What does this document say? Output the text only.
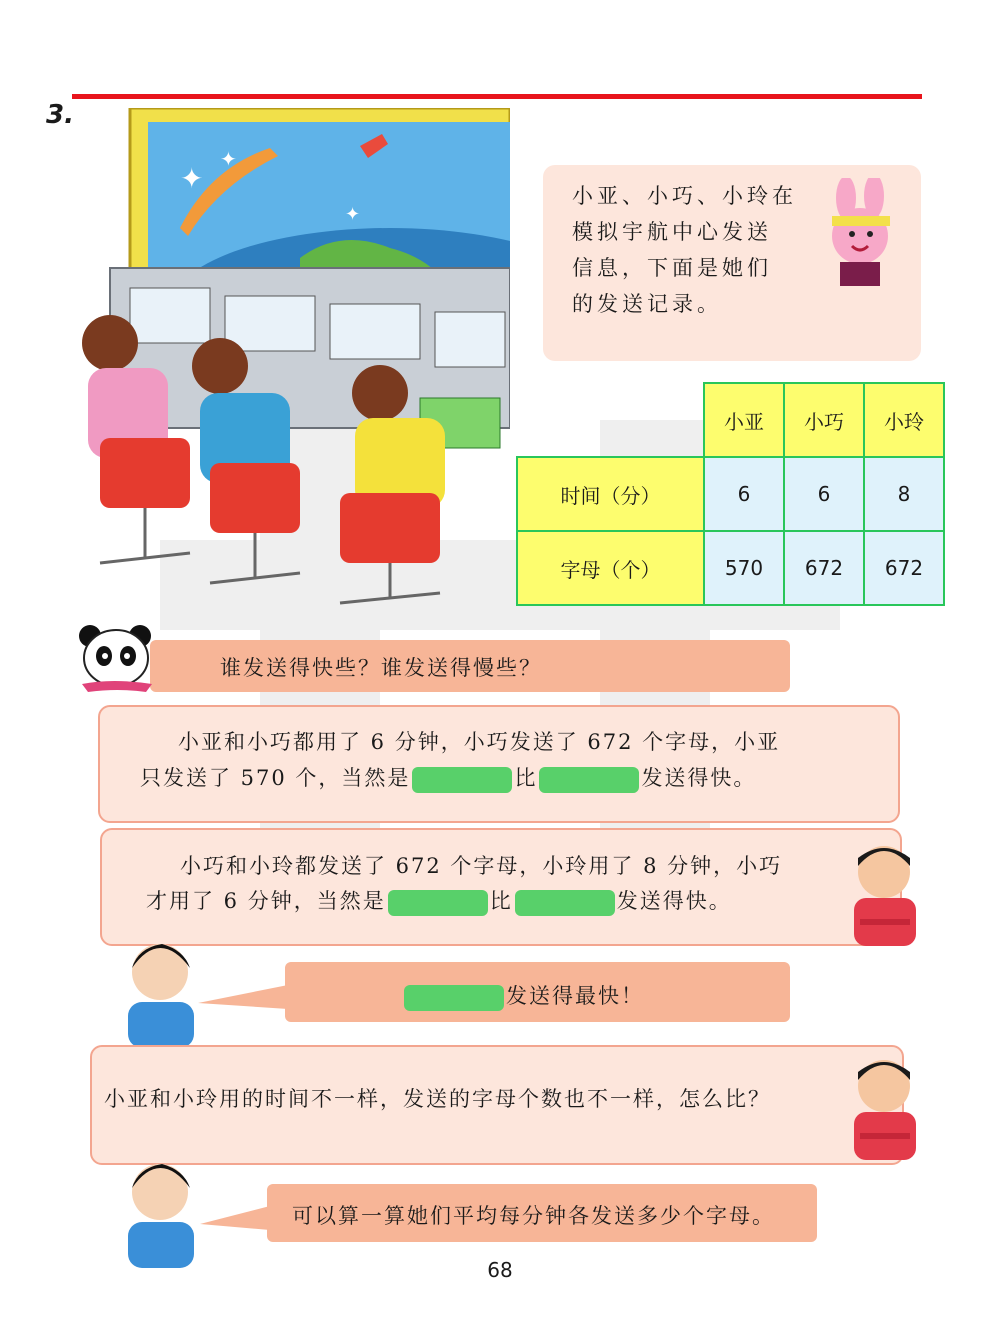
3.
✦
✦
✦
小亚、小巧、小玲在
模拟宇航中心发送
信息，下面是她们
的发送记录。
	小亚	小巧	小玲
时间（分）	6	6	8
字母（个）	570	672	672
谁发送得快些？谁发送得慢些？
小亚和小巧都用了 6 分钟，小巧发送了 672 个字母，小亚
只发送了 570 个，当然是	比	发送得快。
小巧和小玲都发送了 672 个字母，小玲用了 8 分钟，小巧
才用了 6 分钟，当然是	比	发送得快。
发送得最快！
小亚和小玲用的时间不一样，发送的字母个数也不一样，怎么比？
可以算一算她们平均每分钟各发送多少个字母。
68
